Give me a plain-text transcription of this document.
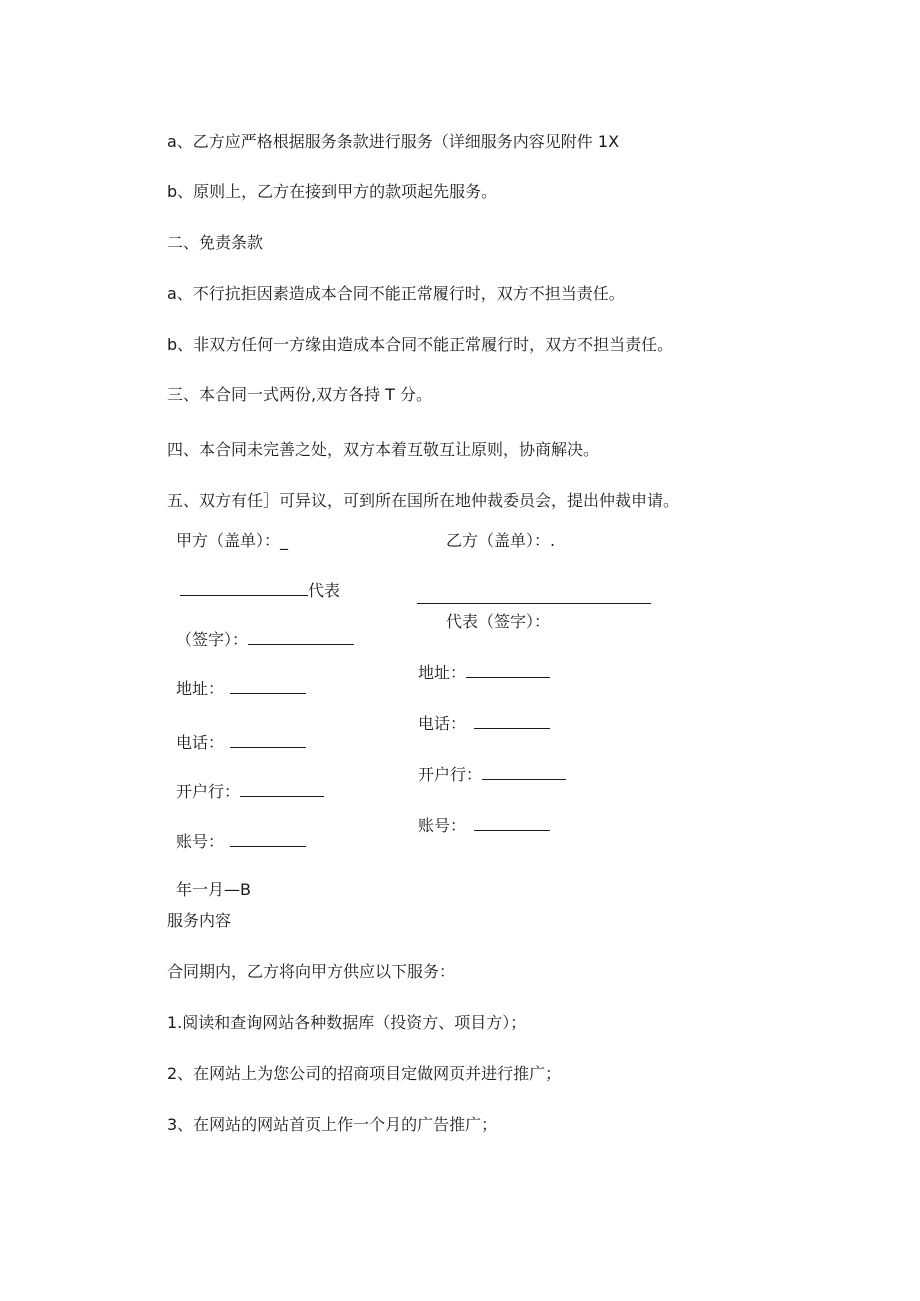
a、乙方应严格根据服务条款进行服务（详细服务内容见附件 1X
b、原则上，乙方在接到甲方的款项起先服务。
二、免责条款
a、不行抗拒因素造成本合同不能正常履行时，双方不担当责任。
b、非双方任何一方缘由造成本合同不能正常履行时，双方不担当责任。
三、本合同一式两份,双方各持 T 分。
四、本合同未完善之处，双方本着互敬互让原则，协商解决。
五、双方有任］可异议，可到所在国所在地仲裁委员会，提出仲裁申请。
甲方（盖单）：_
代表
（签字）：
地址：
电话：
开户行：
账号：
乙方（盖单）：.
代表（签字）：
地址：
电话：
开户行：
账号：
年一月—B
服务内容
合同期内，乙方将向甲方供应以下服务：
1.阅读和查询网站各种数据库（投资方、项目方）；
2、在网站上为您公司的招商项目定做网页并进行推广；
3、在网站的网站首页上作一个月的广告推广；
